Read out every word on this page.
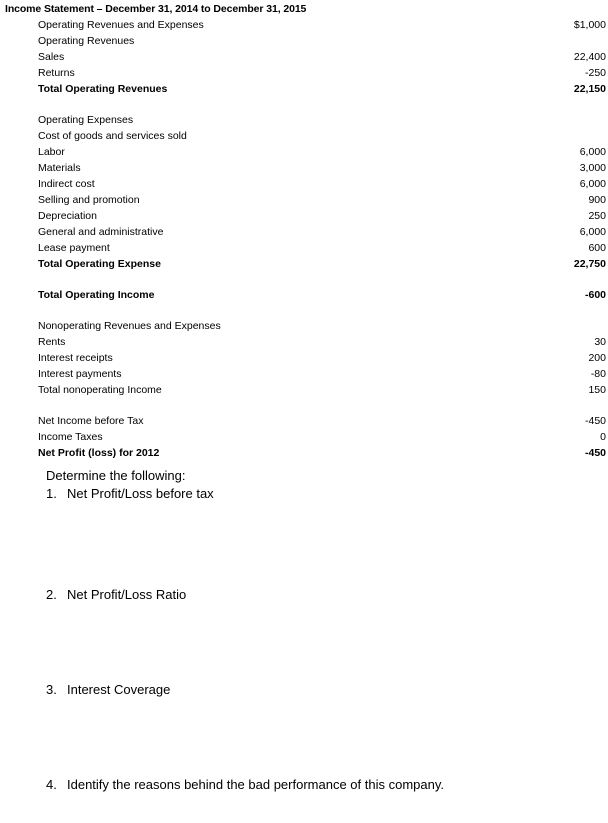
Income Statement – December 31, 2014 to December 31, 2015
Operating Revenues and Expenses	$1,000
Operating Revenues	
Sales	22,400
Returns	-250
Total Operating Revenues	22,150

Operating Expenses	
Cost of goods and services sold	
Labor	6,000
Materials	3,000
Indirect cost	6,000
Selling and promotion	900
Depreciation	250
General and administrative	6,000
Lease payment	600
Total Operating Expense	22,750

Total Operating Income	-600

Nonoperating Revenues and Expenses	
Rents	30
Interest receipts	200
Interest payments	-80
Total nonoperating Income	150

Net Income before Tax	-450
Income Taxes	0
Net Profit (loss) for 2012	-450
Determine the following:
1. Net Profit/Loss before tax
2. Net Profit/Loss Ratio
3. Interest Coverage
4. Identify the reasons behind the bad performance of this company.
